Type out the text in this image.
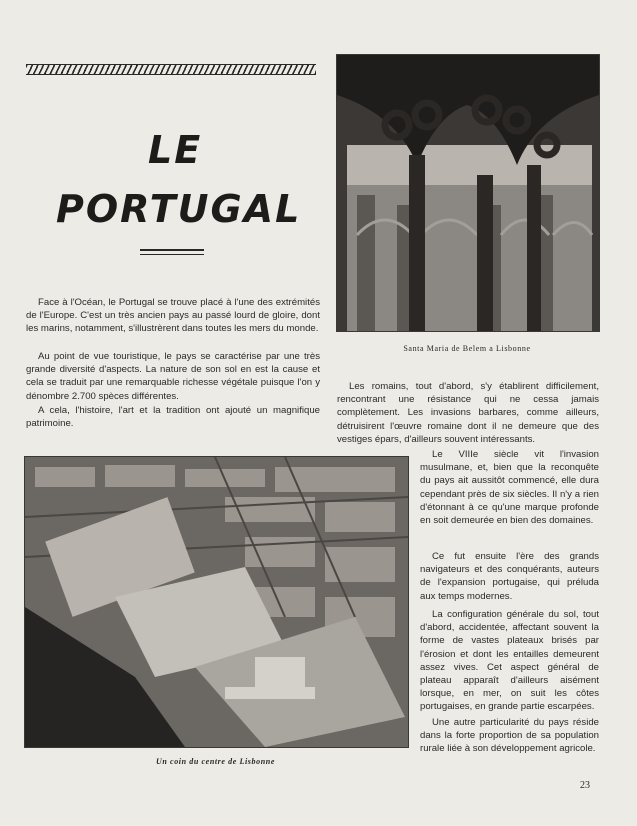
LE
PORTUGAL

Face à l'Océan, le Portugal se trouve placé à l'une des extrémités de l'Europe. C'est un très ancien pays au passé lourd de gloire, dont les marins, notamment, s'illustrèrent dans toutes les mers du monde.

Au point de vue touristique, le pays se caractérise par une très grande diversité d'aspects. La nature de son sol en est la cause et cela se traduit par une remarquable richesse végétale puisque l'on y dénombre 2.700 spèces différentes.

A cela, l'histoire, l'art et la tradition ont ajouté un magnifique patrimoine.

Santa Maria de Belem a Lisbonne

Les romains, tout d'abord, s'y établirent difficilement, rencontrant une résistance qui ne cessa jamais complètement. Les invasions barbares, comme ailleurs, détruisirent l'œuvre romaine dont il ne demeure que des vestiges épars, d'ailleurs souvent intéressants.

Un coin du centre de Lisbonne

Le VIIIe siècle vit l'invasion musulmane, et, bien que la reconquête du pays ait aussitôt commencé, elle dura cependant près de six siècles. Il n'y a rien d'étonnant à ce qu'une marque profonde en soit demeurée en bien des domaines.

Ce fut ensuite l'ère des grands navigateurs et des conquérants, auteurs de l'expansion portugaise, qui préluda aux temps modernes.

La configuration générale du sol, tout d'abord, accidentée, affectant souvent la forme de vastes plateaux brisés par l'érosion et dont les entailles demeurent assez vives. Cet aspect général de plateau apparaît d'ailleurs aisément lorsque, en mer, on suit les côtes portugaises, en grande partie escarpées.

Une autre particularité du pays réside dans la forte proportion de sa population rurale liée à son développement agricole.

23
